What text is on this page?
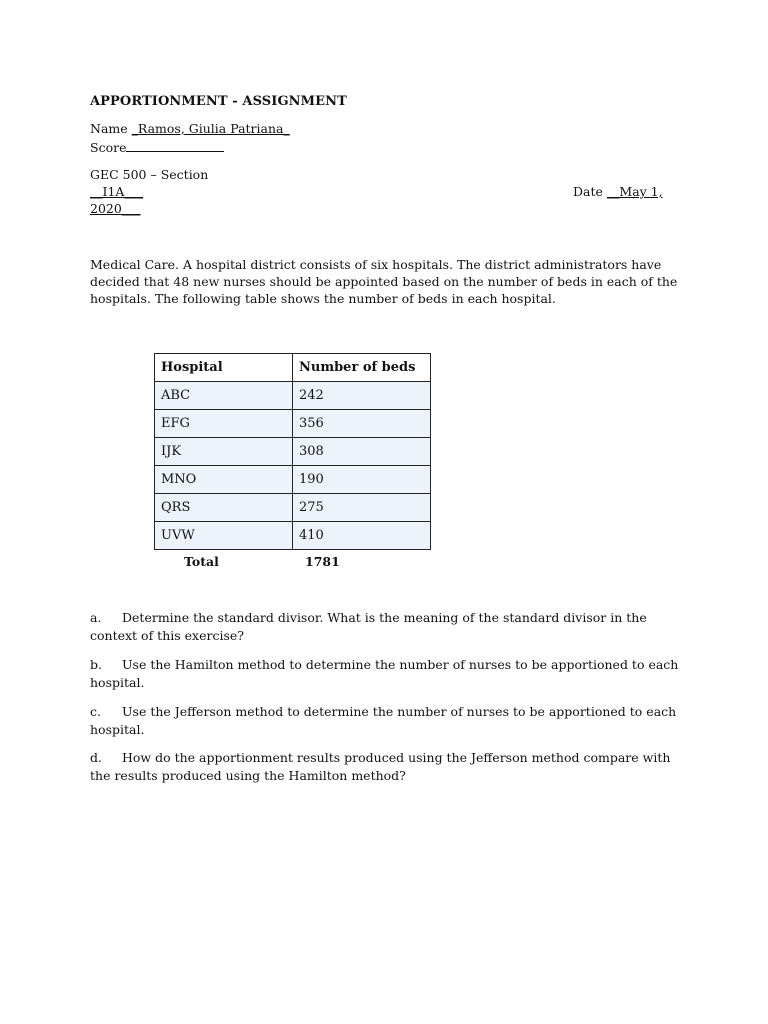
APPORTIONMENT - ASSIGNMENT
Name _Ramos, Giulia Patriana_
Score
GEC 500 – Section
__I1A___
2020___
Date __May 1,
Medical Care. A hospital district consists of six hospitals. The district administrators have decided that 48 new nurses should be appointed based on the number of beds in each of the hospitals. The following table shows the number of beds in each hospital.
Hospital	Number of beds
ABC	242
EFG	356
IJK	308
MNO	190
QRS	275
UVW	410
Total	1781
a. Determine the standard divisor. What is the meaning of the standard divisor in the context of this exercise?
b. Use the Hamilton method to determine the number of nurses to be apportioned to each hospital.
c. Use the Jefferson method to determine the number of nurses to be apportioned to each hospital.
d. How do the apportionment results produced using the Jefferson method compare with the results produced using the Hamilton method?
